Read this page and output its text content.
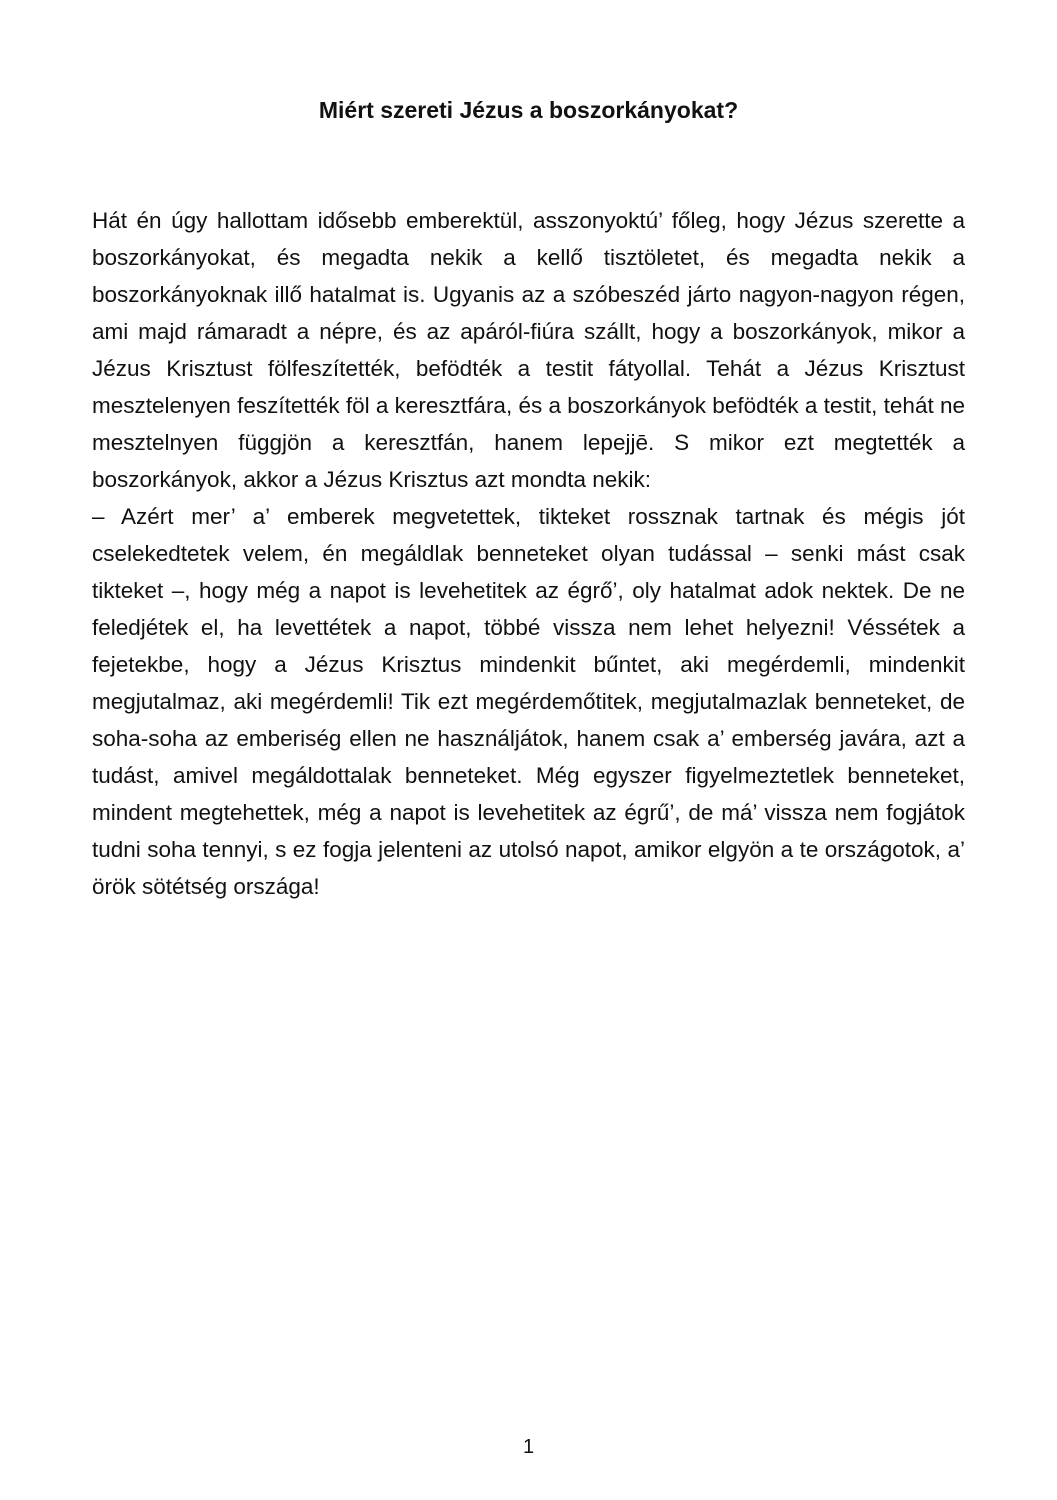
Miért szereti Jézus a boszorkányokat?

Hát én úgy hallottam idősebb emberektül, asszonyoktú’ főleg, hogy Jézus szerette a boszorkányokat, és megadta nekik a kellő tisztöletet, és megadta nekik a boszorkányoknak illő hatalmat is. Ugyanis az a szóbeszéd járto nagyon-nagyon régen, ami majd rámaradt a népre, és az apáról-fiúra szállt, hogy a boszorkányok, mikor a Jézus Krisztust fölfeszítették, befödték a testit fátyollal. Tehát a Jézus Krisztust mesztelenyen feszítették föl a keresztfára, és a boszorkányok befödték a testit, tehát ne mesztelnyen függjön a keresztfán, hanem lepejjē. S mikor ezt megtették a boszorkányok, akkor a Jézus Krisztus azt mondta nekik:

– Azért mer’ a’ emberek megvetettek, tikteket rossznak tartnak és mégis jót cselekedtetek velem, én megáldlak benneteket olyan tudással – senki mást csak tikteket –, hogy még a napot is levehetitek az égrő’, oly hatalmat adok nektek. De ne feledjétek el, ha levettétek a napot, többé vissza nem lehet helyezni! Véssétek a fejetekbe, hogy a Jézus Krisztus mindenkit bűntet, aki megérdemli, mindenkit megjutalmaz, aki megérdemli! Tik ezt megérdemőtitek, megjutalmazlak benneteket, de soha-soha az emberiség ellen ne használjátok, hanem csak a’ emberség javára, azt a tudást, amivel megáldottalak benneteket. Még egyszer figyelmeztetlek benneteket, mindent megtehettek, még a napot is levehetitek az égrű’, de má’ vissza nem fogjátok tudni soha tennyi, s ez fogja jelenteni az utolsó napot, amikor elgyön a te országotok, a’ örök sötétség országa!

1
